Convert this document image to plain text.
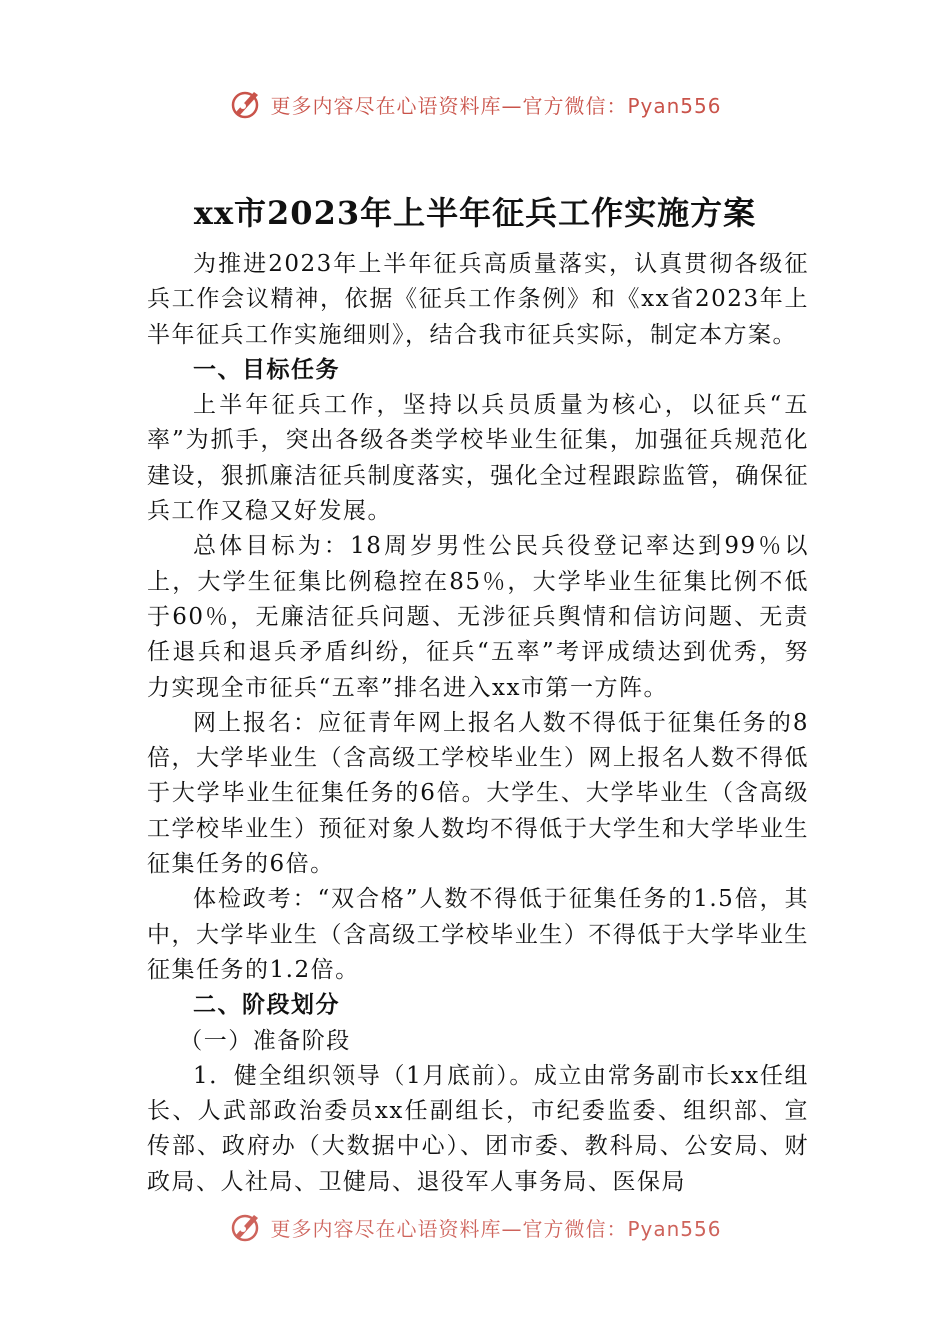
更多内容尽在心语资料库—官方微信：Pyan556
xx市2023年上半年征兵工作实施方案

为推进2023年上半年征兵高质量落实，认真贯彻各级征兵工作会议精神，依据《征兵工作条例》和《xx省2023年上半年征兵工作实施细则》，结合我市征兵实际，制定本方案。

一、目标任务

上半年征兵工作，坚持以兵员质量为核心，以征兵“五率”为抓手，突出各级各类学校毕业生征集，加强征兵规范化建设，狠抓廉洁征兵制度落实，强化全过程跟踪监管，确保征兵工作又稳又好发展。

总体目标为：18周岁男性公民兵役登记率达到99％以上，大学生征集比例稳控在85％，大学毕业生征集比例不低于60％，无廉洁征兵问题、无涉征兵舆情和信访问题、无责任退兵和退兵矛盾纠纷，征兵“五率”考评成绩达到优秀，努力实现全市征兵“五率”排名进入xx市第一方阵。

网上报名：应征青年网上报名人数不得低于征集任务的8倍，大学毕业生（含高级工学校毕业生）网上报名人数不得低于大学毕业生征集任务的6倍。大学生、大学毕业生（含高级工学校毕业生）预征对象人数均不得低于大学生和大学毕业生征集任务的6倍。

体检政考：“双合格”人数不得低于征集任务的1.5倍，其中，大学毕业生（含高级工学校毕业生）不得低于大学毕业生征集任务的1.2倍。

二、阶段划分

（一）准备阶段

1．健全组织领导（1月底前）。成立由常务副市长xx任组长、人武部政治委员xx任副组长，市纪委监委、组织部、宣传部、政府办（大数据中心）、团市委、教科局、公安局、财政局、人社局、卫健局、退役军人事务局、医保局

更多内容尽在心语资料库—官方微信：Pyan556
